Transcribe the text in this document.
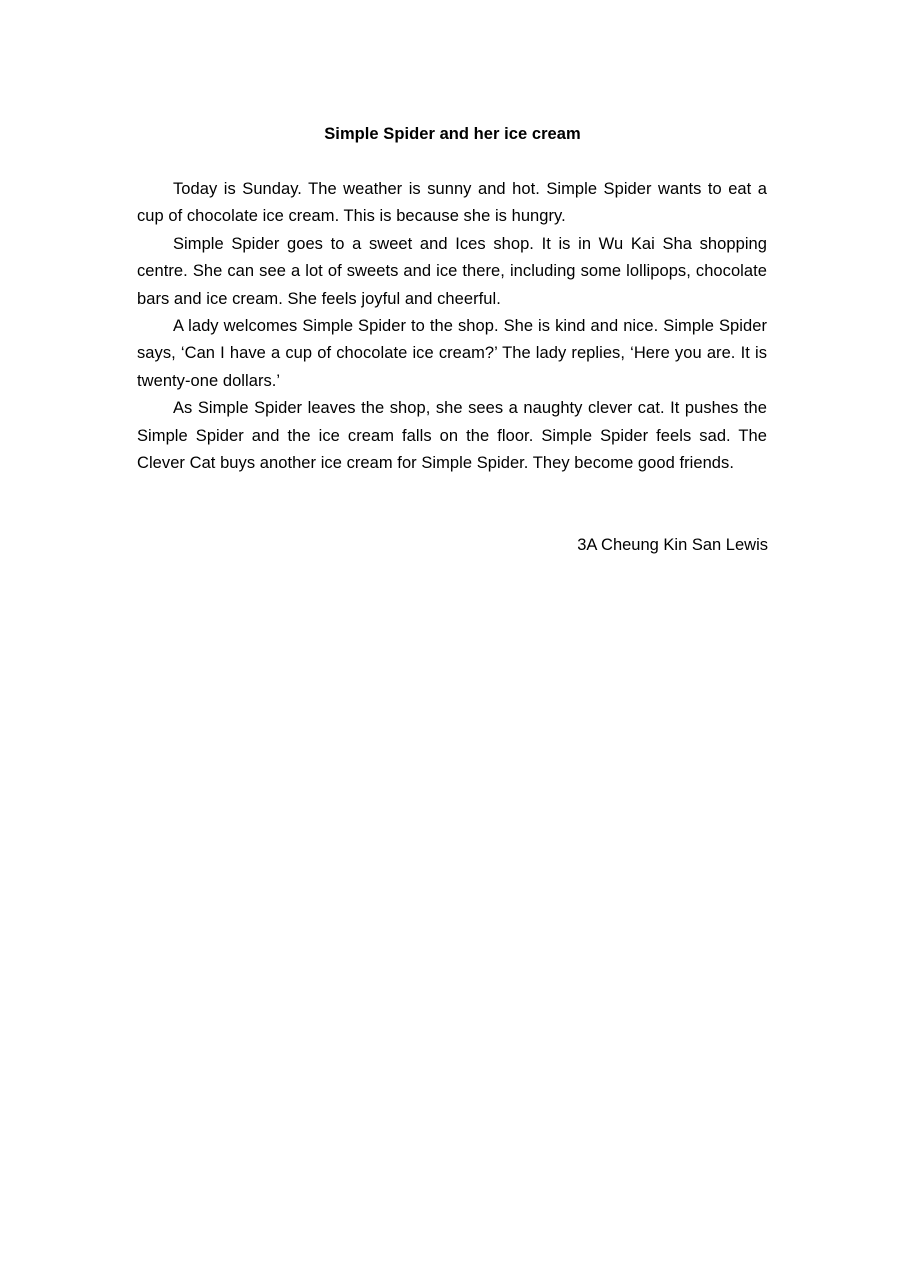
Simple Spider and her ice cream

Today is Sunday. The weather is sunny and hot. Simple Spider wants to eat a cup of chocolate ice cream. This is because she is hungry.

Simple Spider goes to a sweet and Ices shop. It is in Wu Kai Sha shopping centre. She can see a lot of sweets and ice there, including some lollipops, chocolate bars and ice cream. She feels joyful and cheerful.

A lady welcomes Simple Spider to the shop. She is kind and nice. Simple Spider says, ‘Can I have a cup of chocolate ice cream?’ The lady replies, ‘Here you are. It is twenty-one dollars.’

As Simple Spider leaves the shop, she sees a naughty clever cat. It pushes the Simple Spider and the ice cream falls on the floor. Simple Spider feels sad. The Clever Cat buys another ice cream for Simple Spider. They become good friends.

3A Cheung Kin San Lewis
